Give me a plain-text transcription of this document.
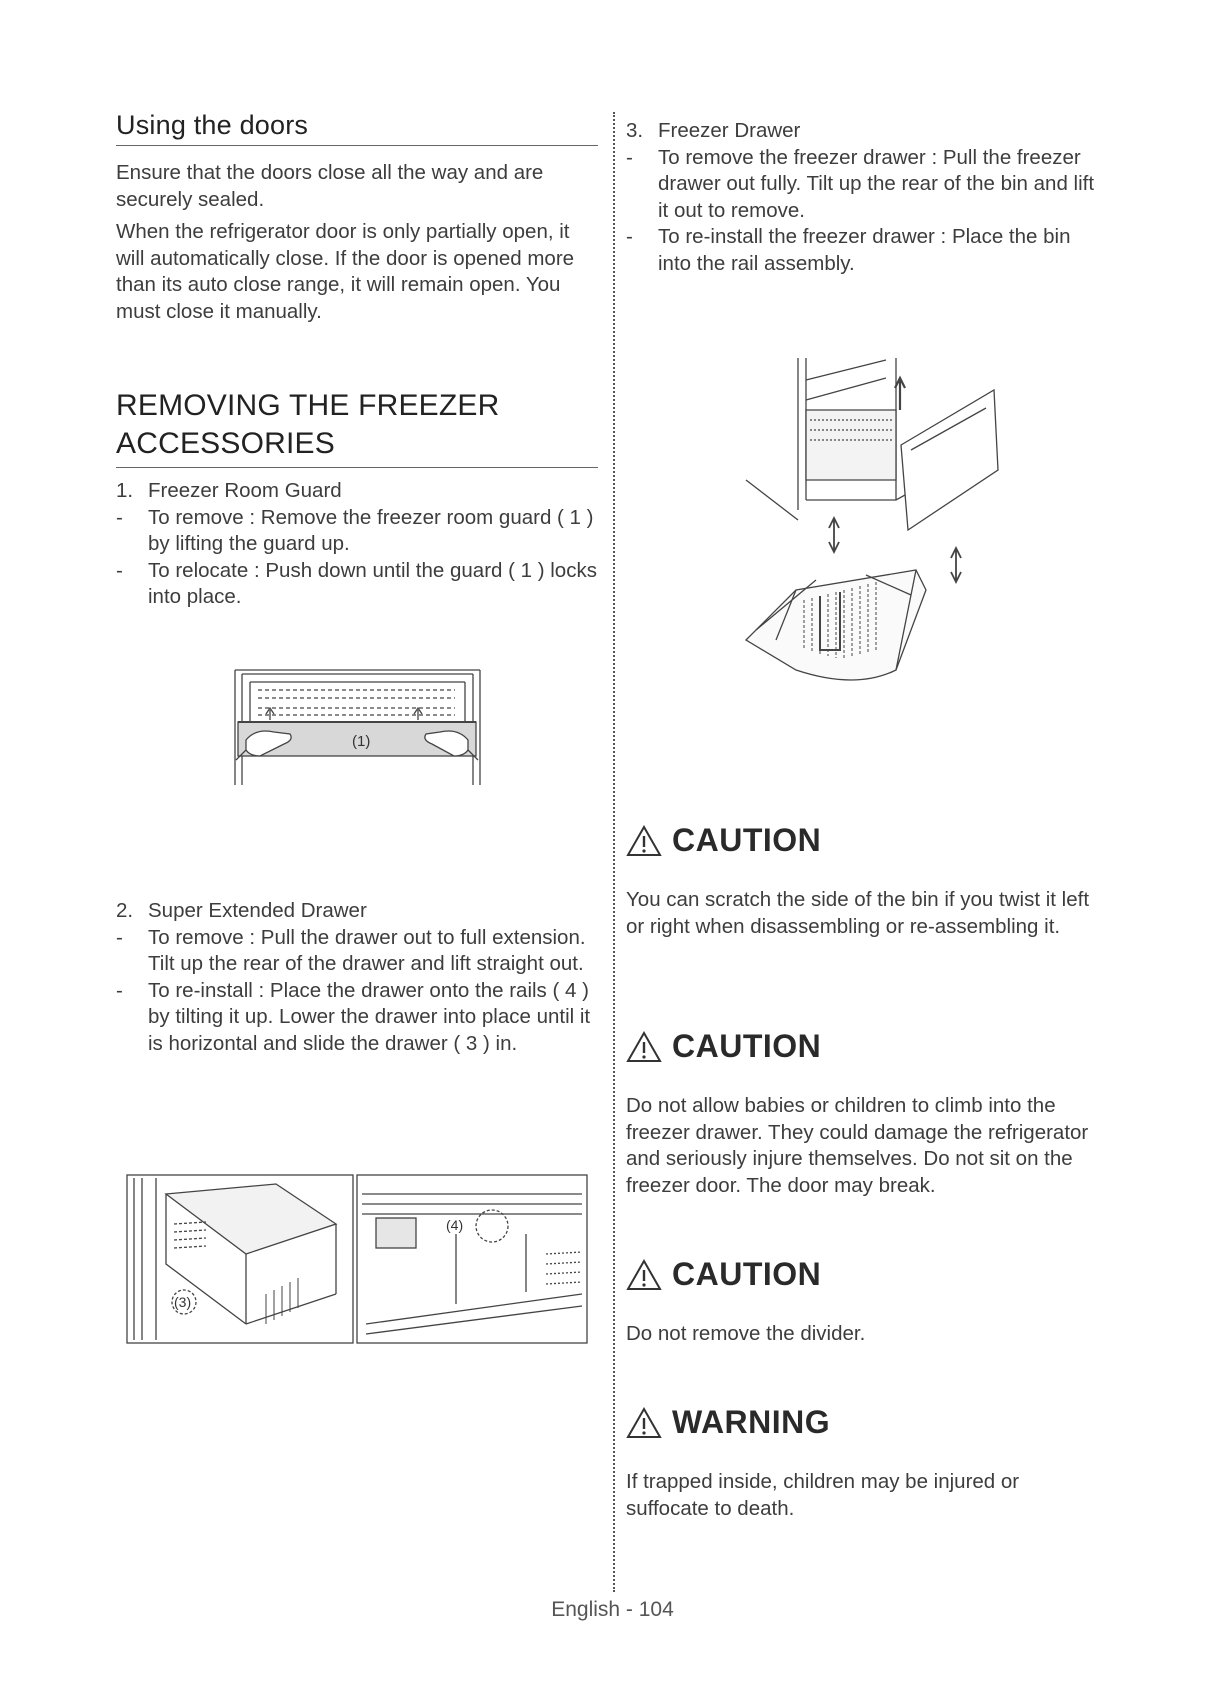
Using the doors

Ensure that the doors close all the way and are securely sealed.

When the refrigerator door is only partially open, it will automatically close. If the door is opened more than its auto close range, it will remain open. You must close it manually.

REMOVING THE FREEZER
ACCESSORIES

1. Freezer Room Guard

- To remove : Remove the freezer room guard ( 1 ) by lifting the guard up.

- To relocate : Push down until the guard ( 1 ) locks into place.

(1)

2. Super Extended Drawer

- To remove : Pull the drawer out to full extension. Tilt up the rear of the drawer and lift straight out.

- To re-install : Place the drawer onto the rails ( 4 ) by tilting it up. Lower the drawer into place until it is horizontal and slide the drawer ( 3 ) in.

(3)
(4)

3. Freezer Drawer

- To remove the freezer drawer : Pull the freezer drawer out fully. Tilt up the rear of the bin and lift it out to remove.

- To re-install the freezer drawer : Place the bin into the rail assembly.

CAUTION

You can scratch the side of the bin if you twist it left or right when disassembling or re-assembling it.

CAUTION

Do not allow babies or children to climb into the freezer drawer. They could damage the refrigerator and seriously injure themselves. Do not sit on the freezer door. The door may break.

CAUTION

Do not remove the divider.

WARNING

If trapped inside, children may be injured or suffocate to death.

English - 104
